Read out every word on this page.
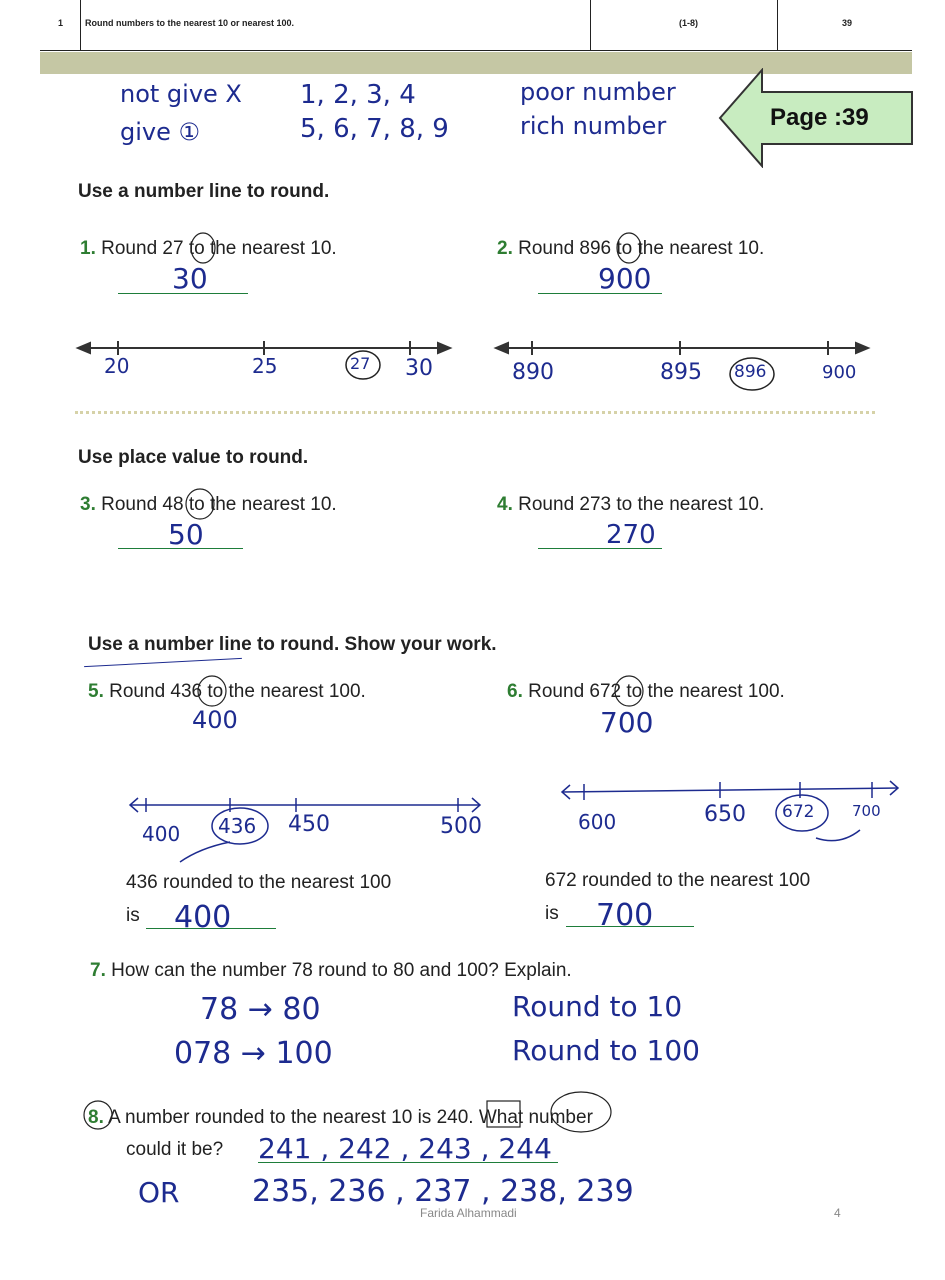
1 Round numbers to the nearest 10 or nearest 100.	(1-8)	39
not give X 1, 2, 3, 4	poor number
give ①	5, 6, 7, 8, 9	rich number	Page :39
Use a number line to round.
1. Round 27 to the nearest 10.
30
2. Round 896 to the nearest 10.
900
20	25	27 30	890	895 896	900
Use place value to round.
3. Round 48 to the nearest 10.
50
4. Round 273 to the nearest 10.
270
Use a number line to round. Show your work.
5. Round 436 to the nearest 100.
400
6. Round 672 to the nearest 100.
700
400 436 450	500	600	650 672	700
436 rounded to the nearest 100
is 400
672 rounded to the nearest 100
is 700
7. How can the number 78 round to 80 and 100? Explain.
78 → 80	Round to 10
078 → 100	Round to 100
8. A number rounded to the nearest 10 is 240. What number
could it be? 241 , 242 , 243 , 244
OR 235, 236 , 237 , 238, 239
Farida Alhammadi	4
